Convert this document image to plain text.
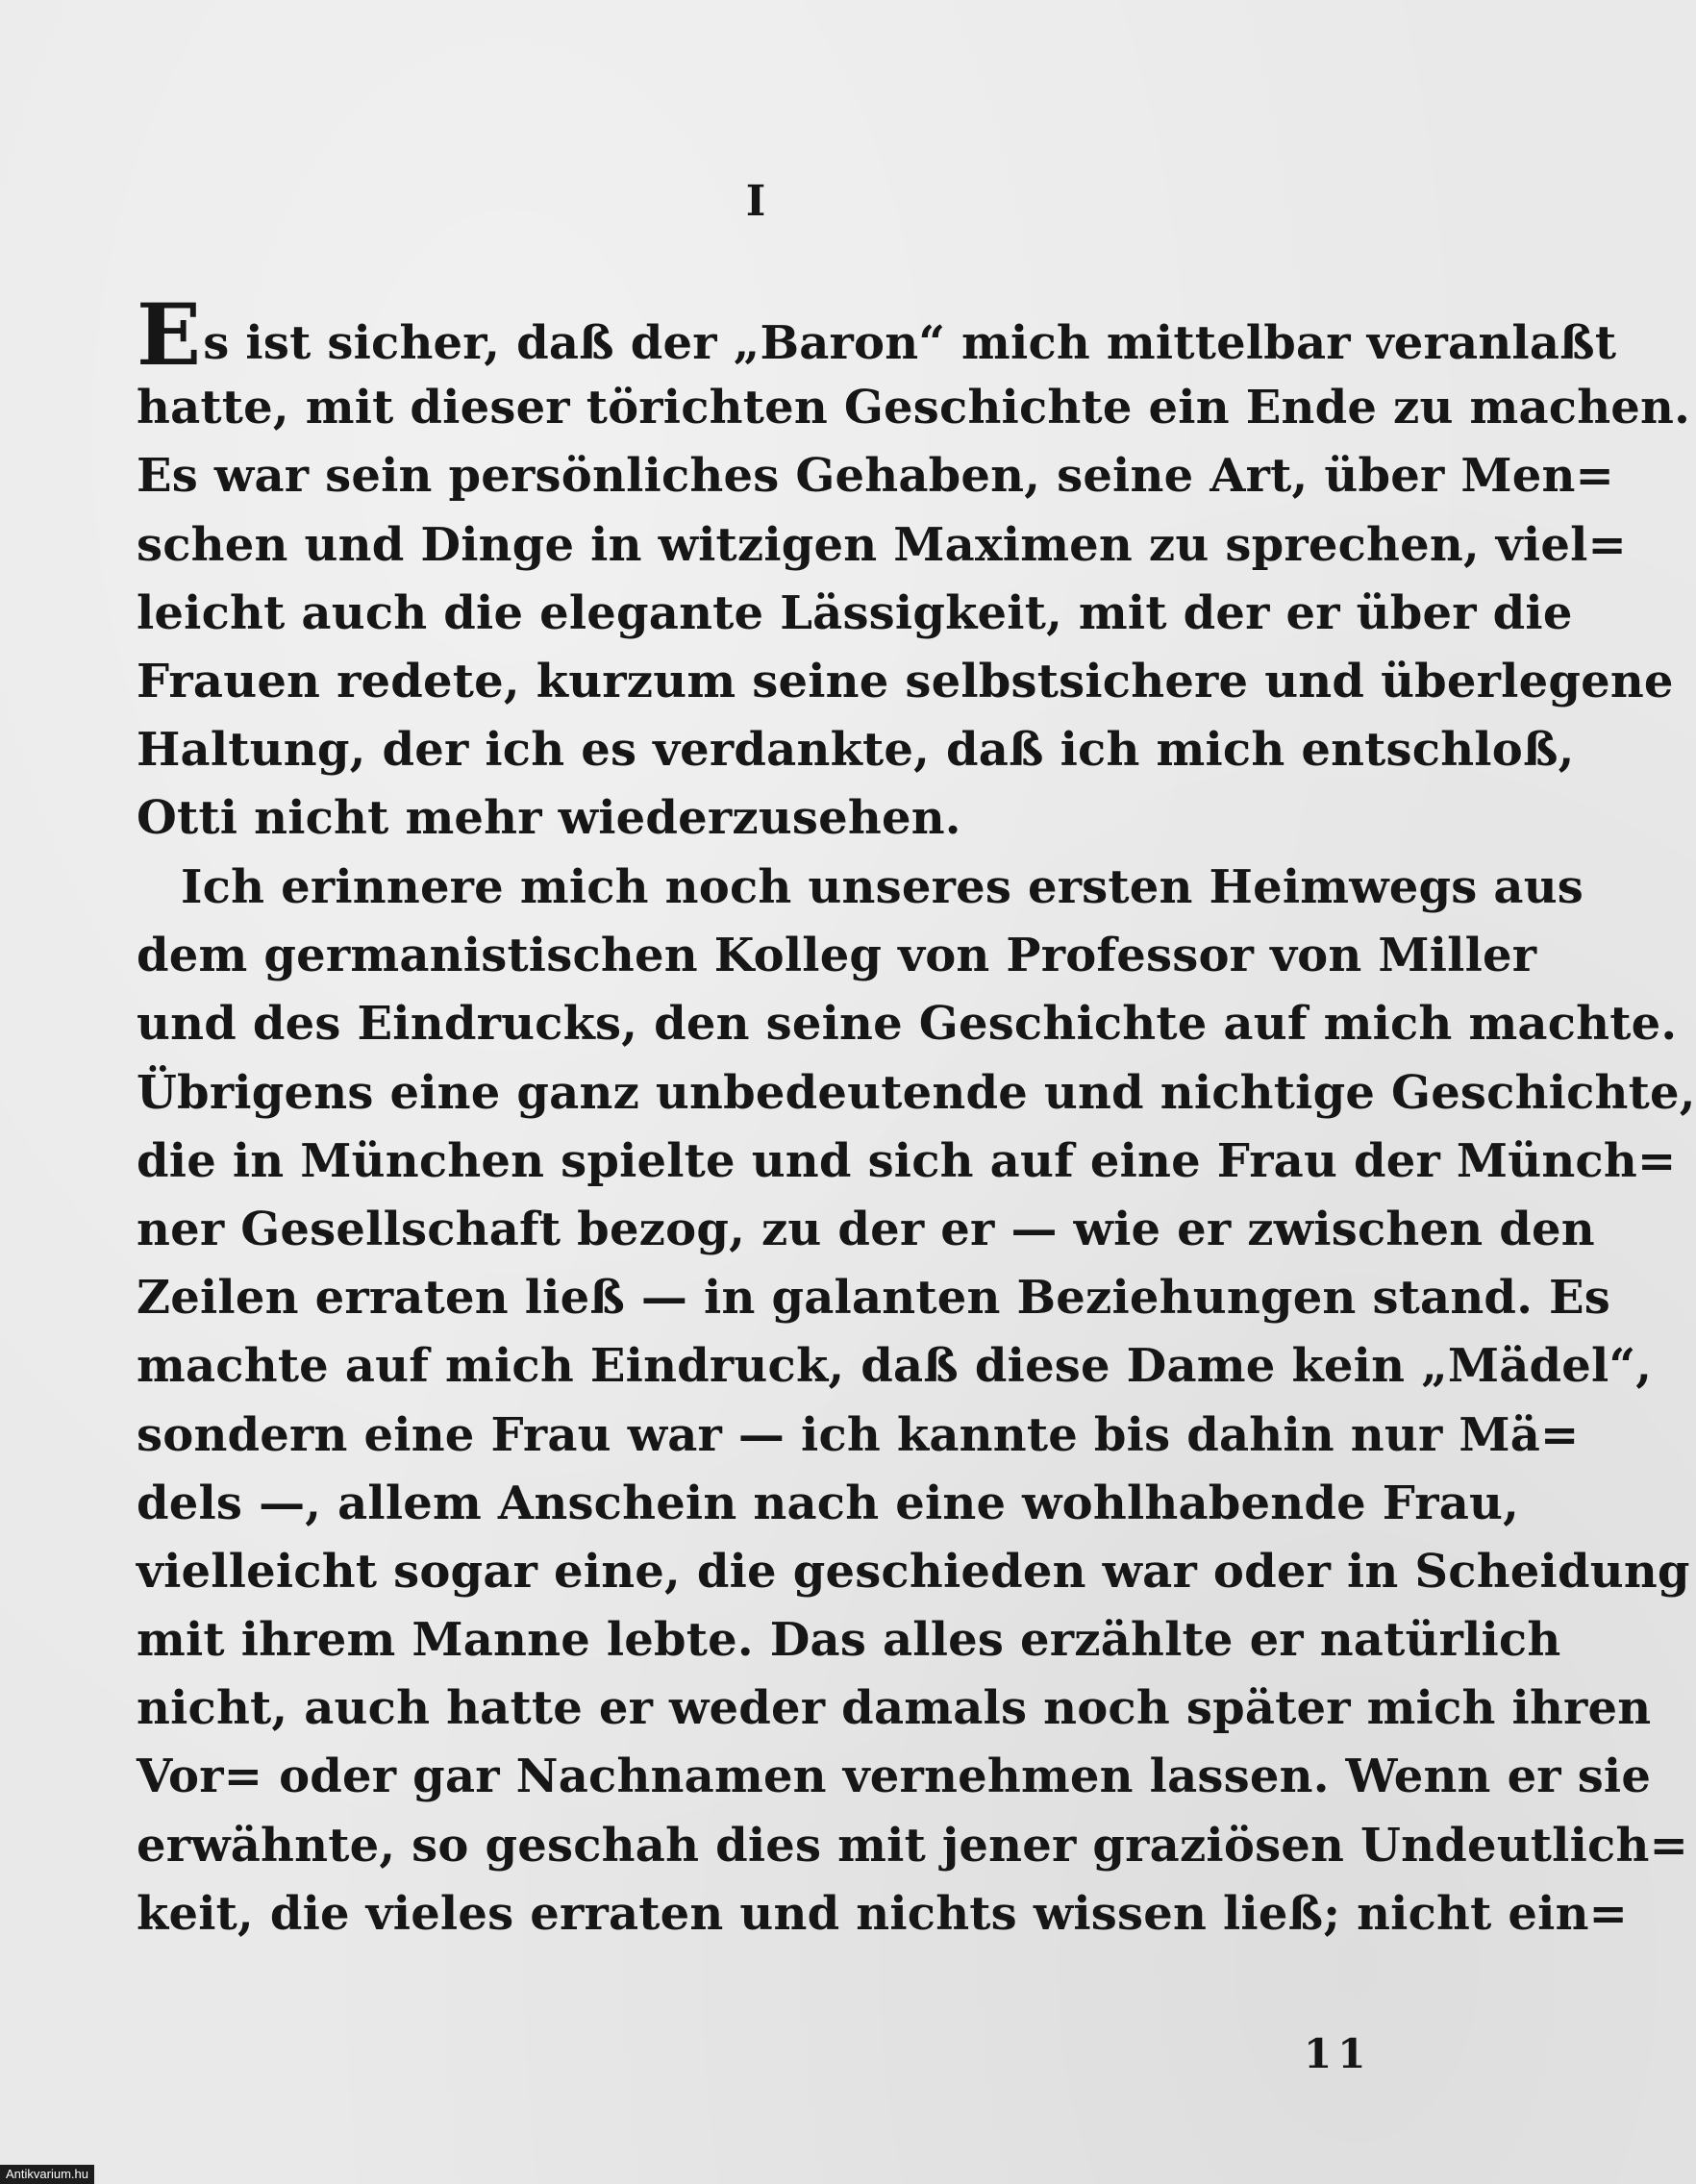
I
Es ist sicher, daß der „Baron“ mich mittelbar veranlaßt
hatte, mit dieser törichten Geschichte ein Ende zu machen.
Es war sein persönliches Gehaben, seine Art, über Men=
schen und Dinge in witzigen Maximen zu sprechen, viel=
leicht auch die elegante Lässigkeit, mit der er über die
Frauen redete, kurzum seine selbstsichere und überlegene
Haltung, der ich es verdankte, daß ich mich entschloß,
Otti nicht mehr wiederzusehen.
Ich erinnere mich noch unseres ersten Heimwegs aus
dem germanistischen Kolleg von Professor von Miller
und des Eindrucks, den seine Geschichte auf mich machte.
Übrigens eine ganz unbedeutende und nichtige Geschichte,
die in München spielte und sich auf eine Frau der Münch=
ner Gesellschaft bezog, zu der er — wie er zwischen den
Zeilen erraten ließ — in galanten Beziehungen stand. Es
machte auf mich Eindruck, daß diese Dame kein „Mädel“,
sondern eine Frau war — ich kannte bis dahin nur Mä=
dels —, allem Anschein nach eine wohlhabende Frau,
vielleicht sogar eine, die geschieden war oder in Scheidung
mit ihrem Manne lebte. Das alles erzählte er natürlich
nicht, auch hatte er weder damals noch später mich ihren
Vor= oder gar Nachnamen vernehmen lassen. Wenn er sie
erwähnte, so geschah dies mit jener graziösen Undeutlich=
keit, die vieles erraten und nichts wissen ließ; nicht ein=
11
Antikvarium.hu
